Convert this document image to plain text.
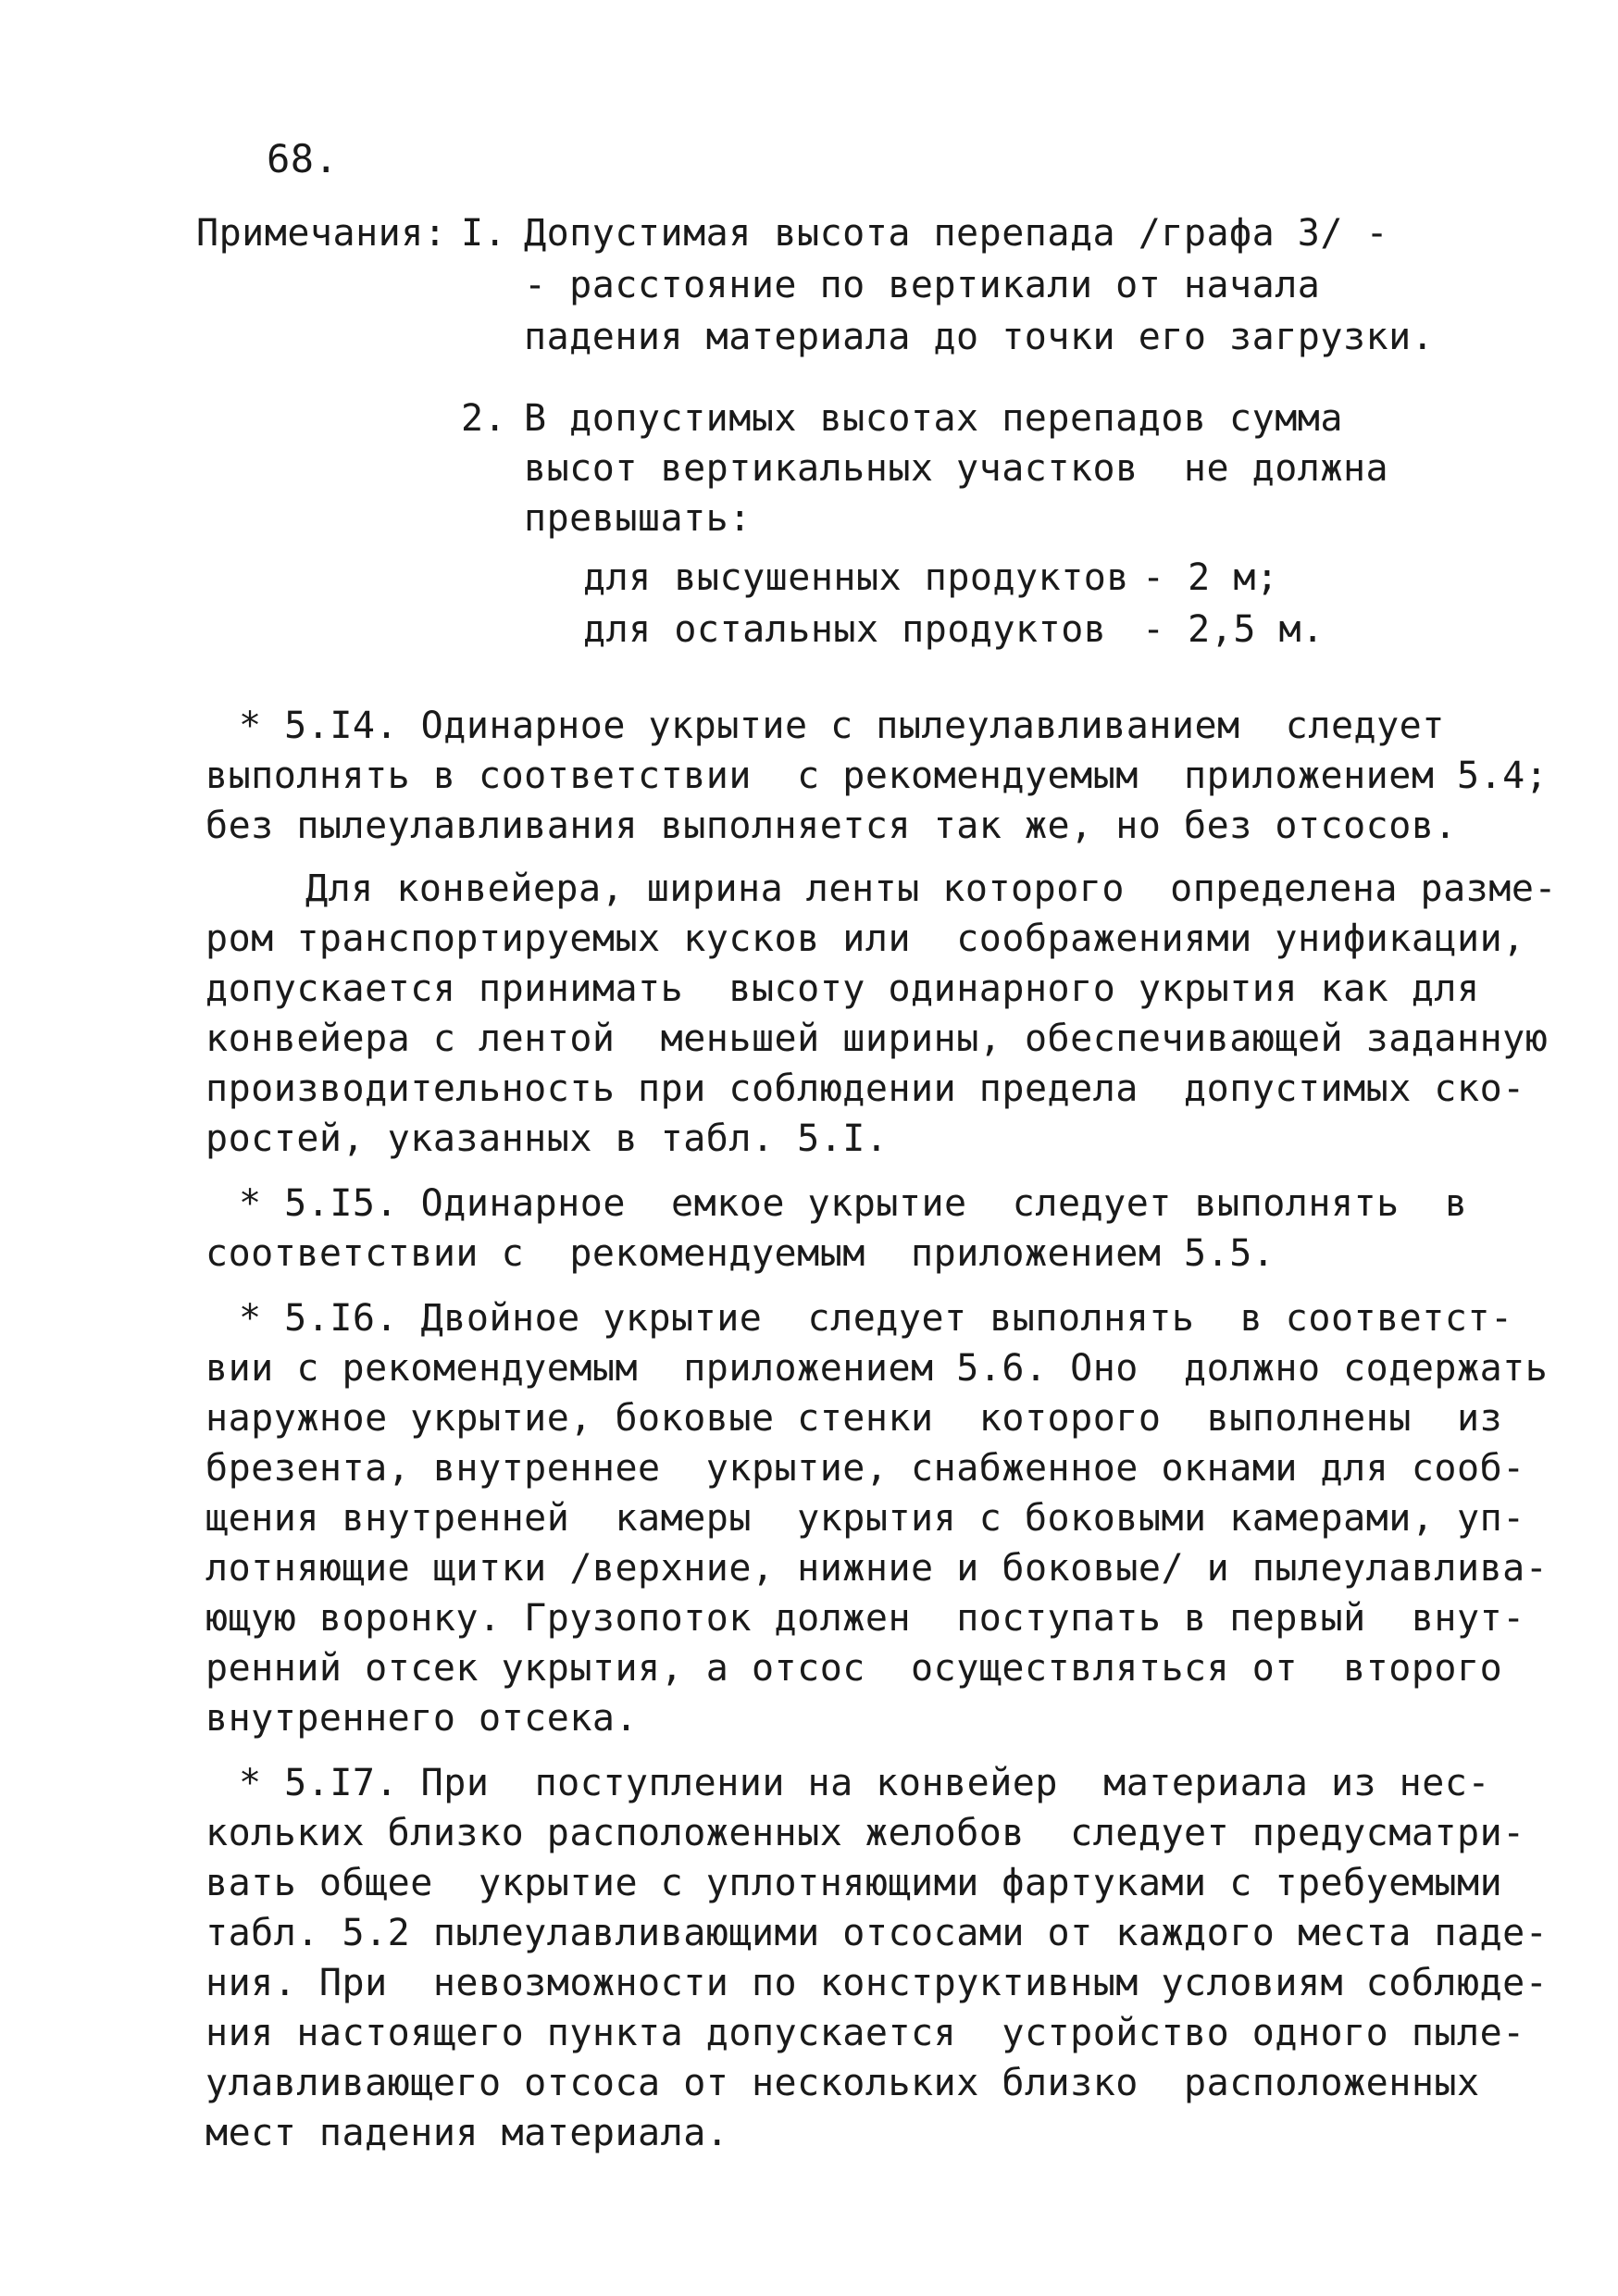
68.
Примечания: I. Допустимая высота перепада /графа 3/ -
- расстояние по вертикали от начала
падения материала до точки его загрузки.
2. В допустимых высотах перепадов сумма
высот вертикальных участков  не должна
превышать:
для высушенных продуктов - 2 м;
для остальных продуктов - 2,5 м.
* 5.I4. Одинарное укрытие с пылеулавливанием  следует
выполнять в соответствии  с рекомендуемым  приложением 5.4;
без пылеулавливания выполняется так же, но без отсосов.
Для конвейера, ширина ленты которого  определена разме-
ром транспортируемых кусков или  соображениями унификации,
допускается принимать  высоту одинарного укрытия как для
конвейера с лентой  меньшей ширины, обеспечивающей заданную
производительность при соблюдении предела  допустимых ско-
ростей, указанных в табл. 5.I.
* 5.I5. Одинарное  емкое укрытие  следует выполнять  в
соответствии с  рекомендуемым  приложением 5.5.
* 5.I6. Двойное укрытие  следует выполнять  в соответст-
вии с рекомендуемым  приложением 5.6. Оно  должно содержать
наружное укрытие, боковые стенки  которого  выполнены  из
брезента, внутреннее  укрытие, снабженное окнами для сооб-
щения внутренней  камеры  укрытия с боковыми камерами, уп-
лотняющие щитки /верхние, нижние и боковые/ и пылеулавлива-
ющую воронку. Грузопоток должен  поступать в первый  внут-
ренний отсек укрытия, а отсос  осуществляться от  второго
внутреннего отсека.
* 5.I7. При  поступлении на конвейер  материала из нес-
кольких близко расположенных желобов  следует предусматри-
вать общее  укрытие с уплотняющими фартуками с требуемыми
табл. 5.2 пылеулавливающими отсосами от каждого места паде-
ния. При  невозможности по конструктивным условиям соблюде-
ния настоящего пункта допускается  устройство одного пыле-
улавливающего отсоса от нескольких близко  расположенных
мест падения материала.
